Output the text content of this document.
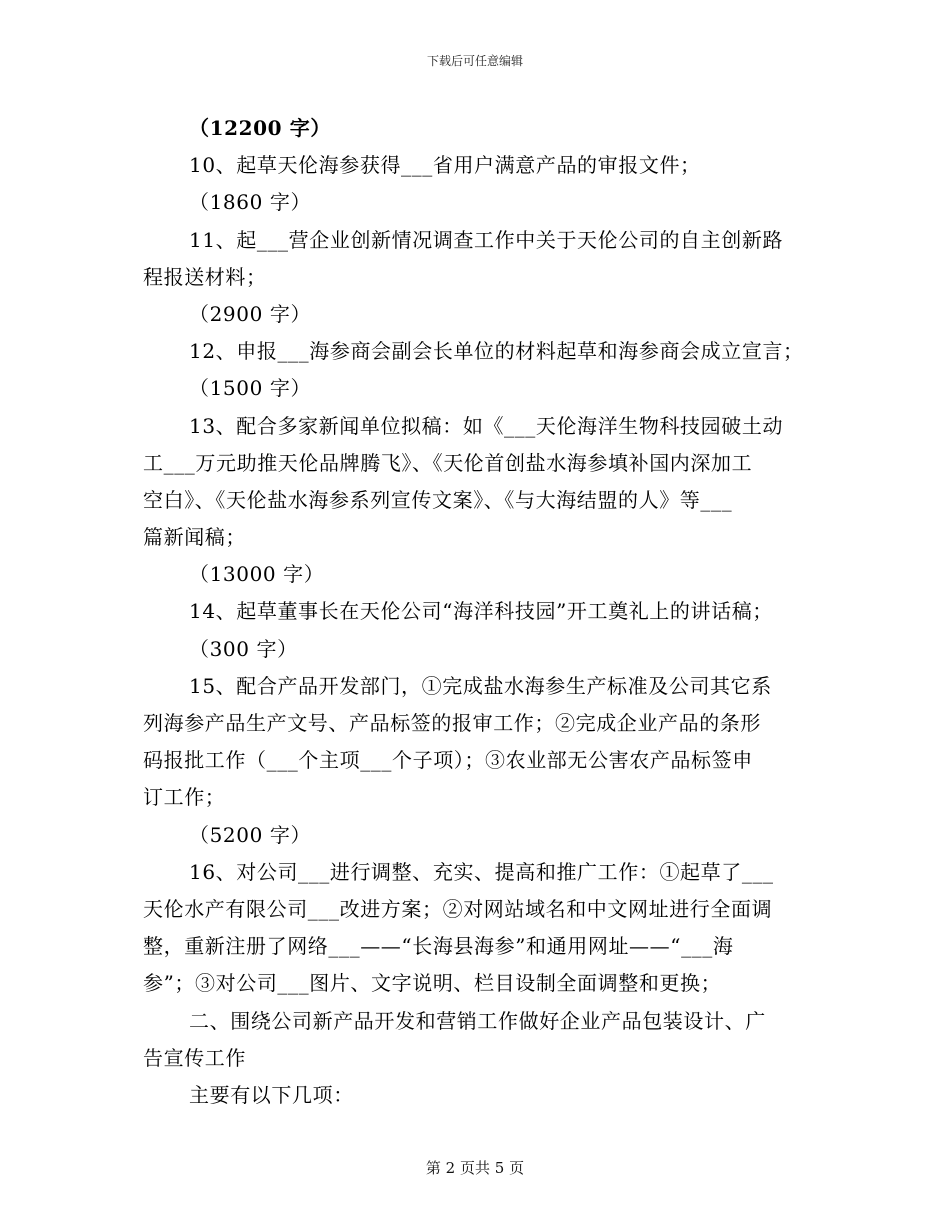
下载后可任意编辑
（12200 字）
10、起草天伦海参获得___省用户满意产品的审报文件；
（1860 字）
11、起___营企业创新情况调查工作中关于天伦公司的自主创新路
程报送材料；
（2900 字）
12、申报___海参商会副会长单位的材料起草和海参商会成立宣言；
（1500 字）
13、配合多家新闻单位拟稿：如《___天伦海洋生物科技园破土动
工___万元助推天伦品牌腾飞》、《天伦首创盐水海参填补国内深加工
空白》、《天伦盐水海参系列宣传文案》、《与大海结盟的人》等___
篇新闻稿；
（13000 字）
14、起草董事长在天伦公司“海洋科技园”开工奠礼上的讲话稿；
（300 字）
15、配合产品开发部门，①完成盐水海参生产标准及公司其它系
列海参产品生产文号、产品标签的报审工作；②完成企业产品的条形
码报批工作（___个主项___个子项）；③农业部无公害农产品标签申
订工作；
（5200 字）
16、对公司___进行调整、充实、提高和推广工作：①起草了___
天伦水产有限公司___改进方案；②对网站域名和中文网址进行全面调
整，重新注册了网络___——“长海县海参”和通用网址——“___海
参”；③对公司___图片、文字说明、栏目设制全面调整和更换；
二、围绕公司新产品开发和营销工作做好企业产品包装设计、广
告宣传工作
主要有以下几项：
第 2 页共 5 页
